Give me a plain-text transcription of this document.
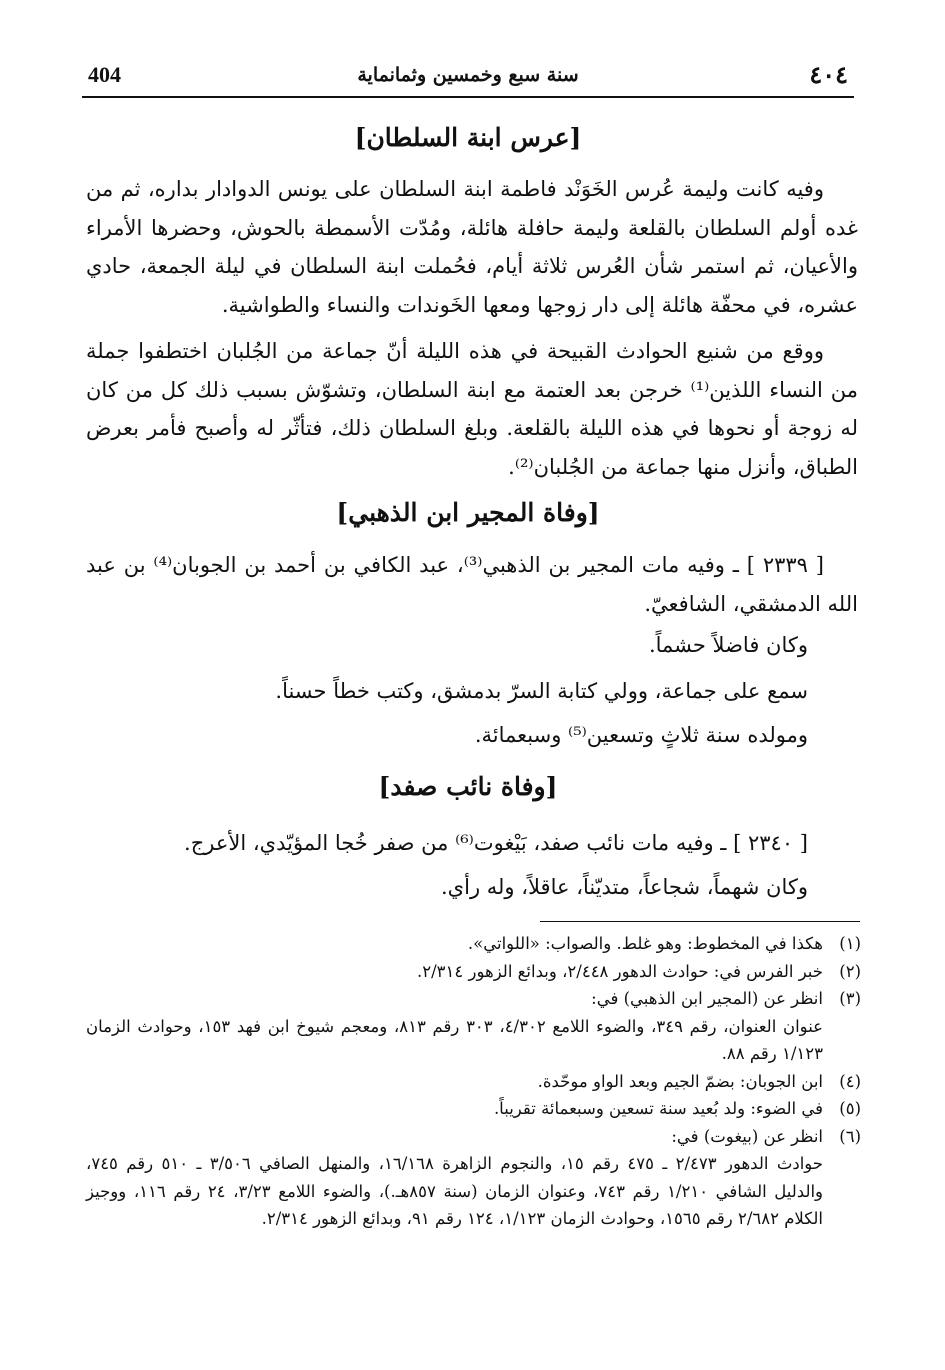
404	سنة سبع وخمسين وثمانماية	٤٠٤
[عرس ابنة السلطان]

وفيه كانت وليمة عُرس الخَوَنْد فاطمة ابنة السلطان على يونس الدوادار بداره، ثم من غده أولم السلطان بالقلعة وليمة حافلة هائلة، ومُدّت الأسمطة بالحوش، وحضرها الأمراء والأعيان، ثم استمر شأن العُرس ثلاثة أيام، فحُملت ابنة السلطان في ليلة الجمعة، حادي عشره، في محفّة هائلة إلى دار زوجها ومعها الخَوندات والنساء والطواشية.

ووقع من شنيع الحوادث القبيحة في هذه الليلة أنّ جماعة من الجُلبان اختطفوا جملة من النساء اللذين⁽¹⁾ خرجن بعد العتمة مع ابنة السلطان، وتشوّش بسبب ذلك كل من كان له زوجة أو نحوها في هذه الليلة بالقلعة. وبلغ السلطان ذلك، فتأثّر له وأصبح فأمر بعرض الطباق، وأنزل منها جماعة من الجُلبان⁽²⁾.

[وفاة المجير ابن الذهبي]

[ ٢٣٣٩ ] ـ وفيه مات المجير بن الذهبي⁽³⁾، عبد الكافي بن أحمد بن الجوبان⁽⁴⁾ بن عبد الله الدمشقي، الشافعيّ.

وكان فاضلاً حشماً.

سمع على جماعة، وولي كتابة السرّ بدمشق، وكتب خطاً حسناً.

ومولده سنة ثلاثٍ وتسعين⁽⁵⁾ وسبعمائة.

[وفاة نائب صفد]

[ ٢٣٤٠ ] ـ وفيه مات نائب صفد، بَيْغوت⁽⁶⁾ من صفر خُجا المؤيّدي، الأعرج.

وكان شهماً، شجاعاً، متديّناً، عاقلاً، وله رأي.

(١)
هكذا في المخطوط: وهو غلط. والصواب: «اللواتي».
(٢)
خبر الفرس في: حوادث الدهور ٢/٤٤٨، وبدائع الزهور ٢/٣١٤.
(٣)
انظر عن (المجير ابن الذهبي) في:
عنوان العنوان، رقم ٣٤٩، والضوء اللامع ٤/٣٠٢، ٣٠٣ رقم ٨١٣، ومعجم شيوخ ابن فهد ١٥٣، وحوادث الزمان ١/١٢٣ رقم ٨٨.
(٤)
ابن الجوبان: بضمّ الجيم وبعد الواو موحّدة.
(٥)
في الضوء: ولد بُعيد سنة تسعين وسبعمائة تقريباً.
(٦)
انظر عن (بيغوت) في:
حوادث الدهور ٢/٤٧٣ ـ ٤٧٥ رقم ١٥، والنجوم الزاهرة ١٦/١٦٨، والمنهل الصافي ٣/٥٠٦ ـ ٥١٠ رقم ٧٤٥، والدليل الشافي ١/٢١٠ رقم ٧٤٣، وعنوان الزمان (سنة ٨٥٧هـ.)، والضوء اللامع ٣/٢٣، ٢٤ رقم ١١٦، ووجيز الكلام ٢/٦٨٢ رقم ١٥٦٥، وحوادث الزمان ١/١٢٣، ١٢٤ رقم ٩١، وبدائع الزهور ٢/٣١٤.
